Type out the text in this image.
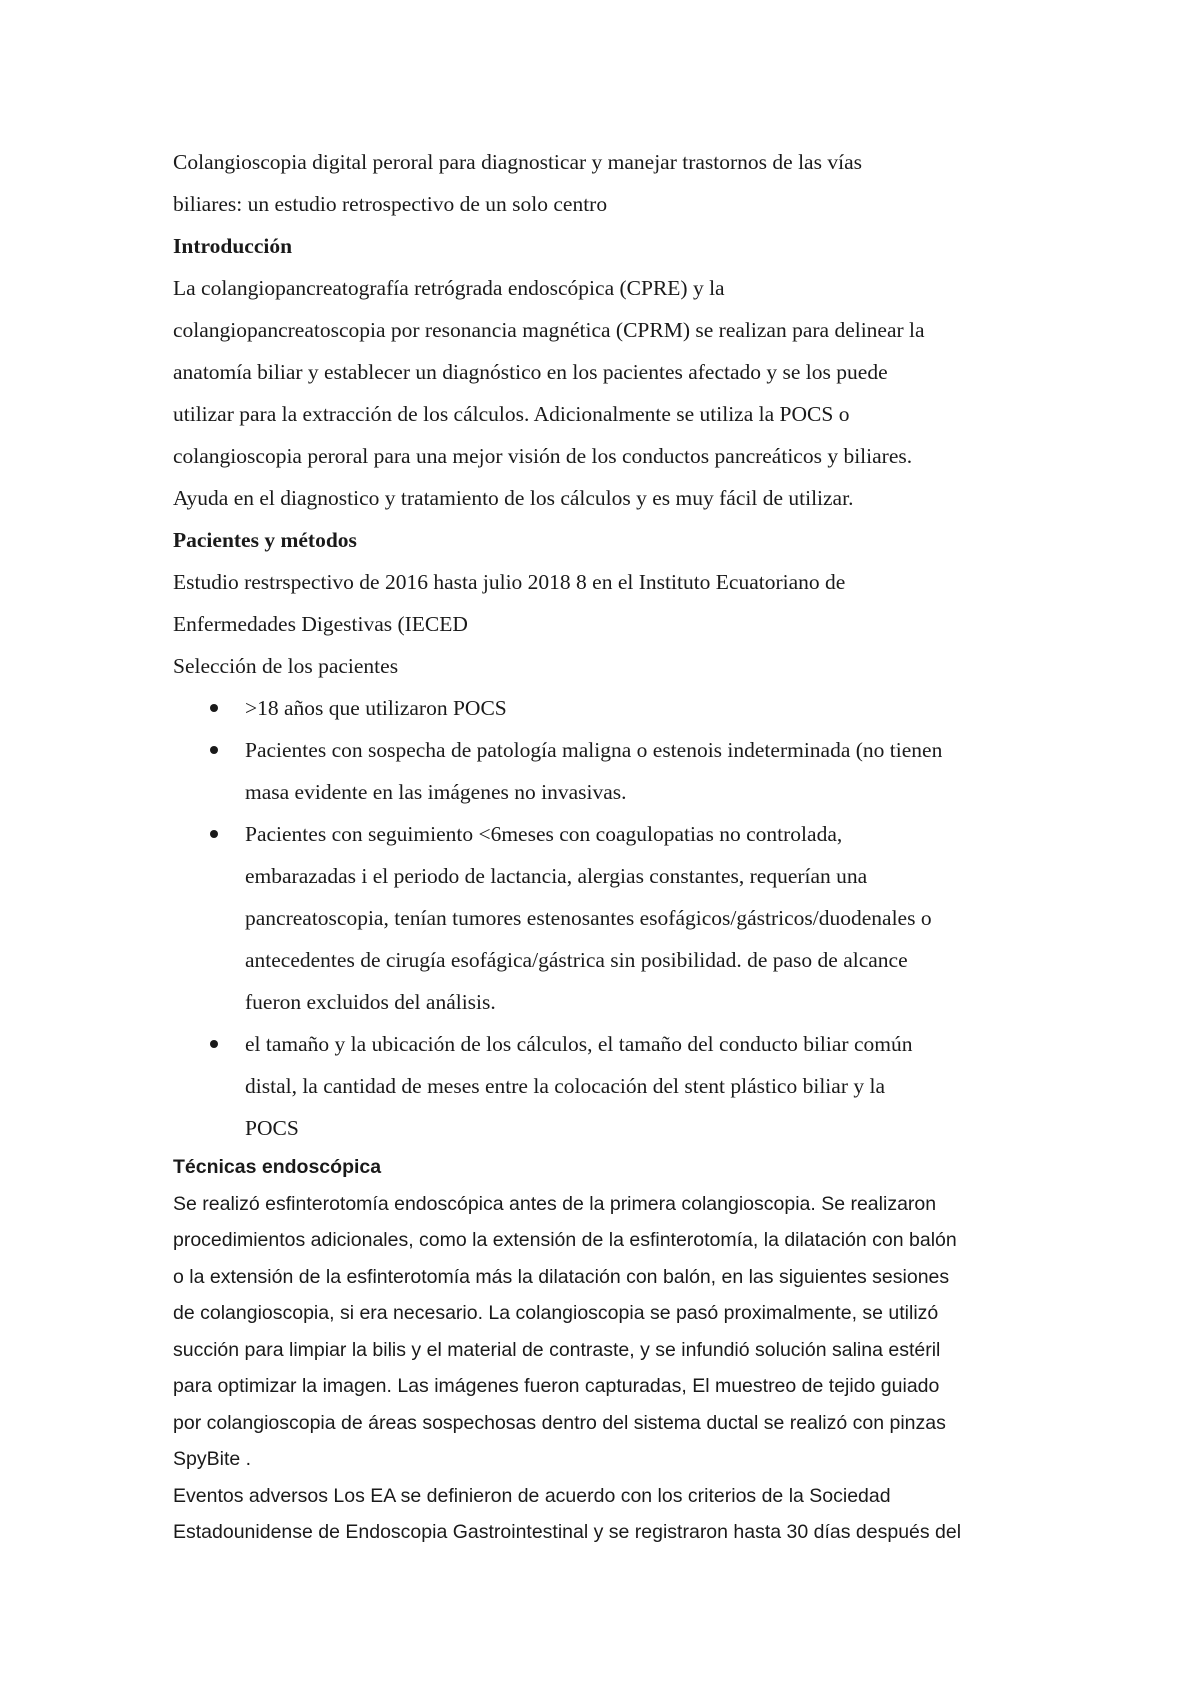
Colangioscopia digital peroral para diagnosticar y manejar trastornos de las vías
biliares: un estudio retrospectivo de un solo centro
Introducción
La colangiopancreatografía retrógrada endoscópica (CPRE) y la
colangiopancreatoscopia por resonancia magnética (CPRM) se realizan para delinear la
anatomía biliar y establecer un diagnóstico en los pacientes afectado y se los puede
utilizar para la extracción de los cálculos. Adicionalmente se utiliza la POCS o
colangioscopia peroral para una mejor visión de los conductos pancreáticos y biliares.
Ayuda en el diagnostico y tratamiento de los cálculos y es muy fácil de utilizar.
Pacientes y métodos
Estudio restrspectivo de 2016 hasta julio 2018 8 en el Instituto Ecuatoriano de
Enfermedades Digestivas (IECED
Selección de los pacientes
>18 años que utilizaron POCS
Pacientes con sospecha de patología maligna o estenois indeterminada (no tienen
masa evidente en las imágenes no invasivas.
Pacientes con seguimiento <6meses con coagulopatias no controlada,
embarazadas i el periodo de lactancia, alergias constantes, requerían una
pancreatoscopia, tenían tumores estenosantes esofágicos/gástricos/duodenales o
antecedentes de cirugía esofágica/gástrica sin posibilidad. de paso de alcance
fueron excluidos del análisis.
el tamaño y la ubicación de los cálculos, el tamaño del conducto biliar común
distal, la cantidad de meses entre la colocación del stent plástico biliar y la
POCS
Técnicas endoscópica
Se realizó esfinterotomía endoscópica antes de la primera colangioscopia. Se realizaron
procedimientos adicionales, como la extensión de la esfinterotomía, la dilatación con balón
o la extensión de la esfinterotomía más la dilatación con balón, en las siguientes sesiones
de colangioscopia, si era necesario. La colangioscopia se pasó proximalmente, se utilizó
succión para limpiar la bilis y el material de contraste, y se infundió solución salina estéril
para optimizar la imagen. Las imágenes fueron capturadas, El muestreo de tejido guiado
por colangioscopia de áreas sospechosas dentro del sistema ductal se realizó con pinzas
SpyBite .
Eventos adversos Los EA se definieron de acuerdo con los criterios de la Sociedad
Estadounidense de Endoscopia Gastrointestinal y se registraron hasta 30 días después del
